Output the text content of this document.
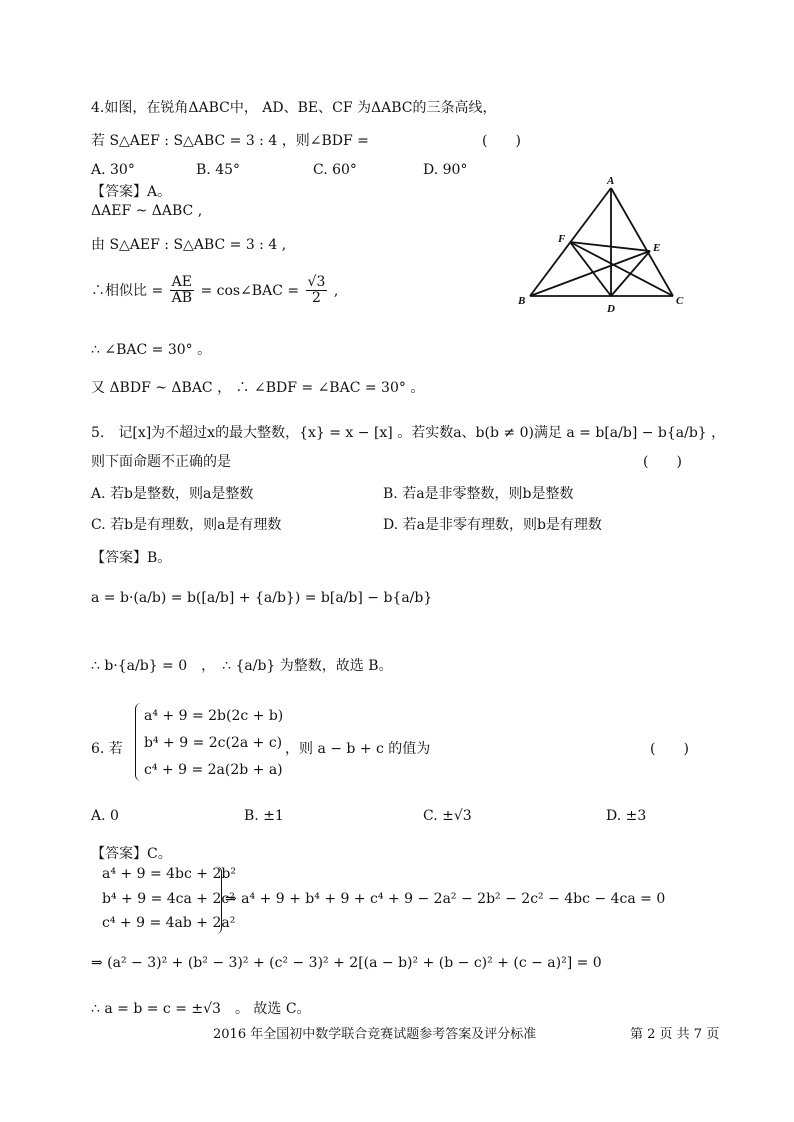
4.如图，在锐角ΔABC中， AD、BE、CF 为ΔABC的三条高线，
若 S△AEF : S△ABC = 3 : 4 ，则∠BDF =	(　　)
A. 30°	B. 45°	C. 60°	D. 90°
【答案】A。
ΔAEF ~ ΔABC ,
由 S△AEF : S△ABC = 3 : 4 ,
∴相似比 = $\frac{AE}{AB}$ = cos∠BAC = $\frac{√3}{2}$ ,
∴ ∠BAC = 30° 。
又 ΔBDF ~ ΔBAC ， ∴ ∠BDF = ∠BAC = 30° 。
A
B	C
D
E
F
5.　记[x]为不超过x的最大整数，{x} = x − [x] 。若实数a、b(b ≠ 0)满足 a = b[a/b] − b{a/b} ，
则下面命题不正确的是	(　　)
A. 若b是整数，则a是整数	B. 若a是非零整数，则b是整数
C. 若b是有理数，则a是有理数	D. 若a是非零有理数，则b是有理数
【答案】B。
a = b·(a/b) = b([a/b] + {a/b}) = b[a/b] − b{a/b}
∴ b·{a/b} = 0　，　∴ {a/b} 为整数，故选 B。
6. 若
a⁴ + 9 = 2b(2c + b)
b⁴ + 9 = 2c(2a + c)
c⁴ + 9 = 2a(2b + a)
，则 a − b + c 的值为	(　　)
A. 0	B. ±1	C. ±√3	D. ±3
【答案】C。
a⁴ + 9 = 4bc + 2b²
b⁴ + 9 = 4ca + 2c²
c⁴ + 9 = 4ab + 2a²
⇒ a⁴ + 9 + b⁴ + 9 + c⁴ + 9 − 2a² − 2b² − 2c² − 4bc − 4ca = 0
⇒ (a² − 3)² + (b² − 3)² + (c² − 3)² + 2[(a − b)² + (b − c)² + (c − a)²] = 0
∴ a = b = c = ±√3　。 故选 C。
2016 年全国初中数学联合竞赛试题参考答案及评分标准	第 2 页 共 7 页
